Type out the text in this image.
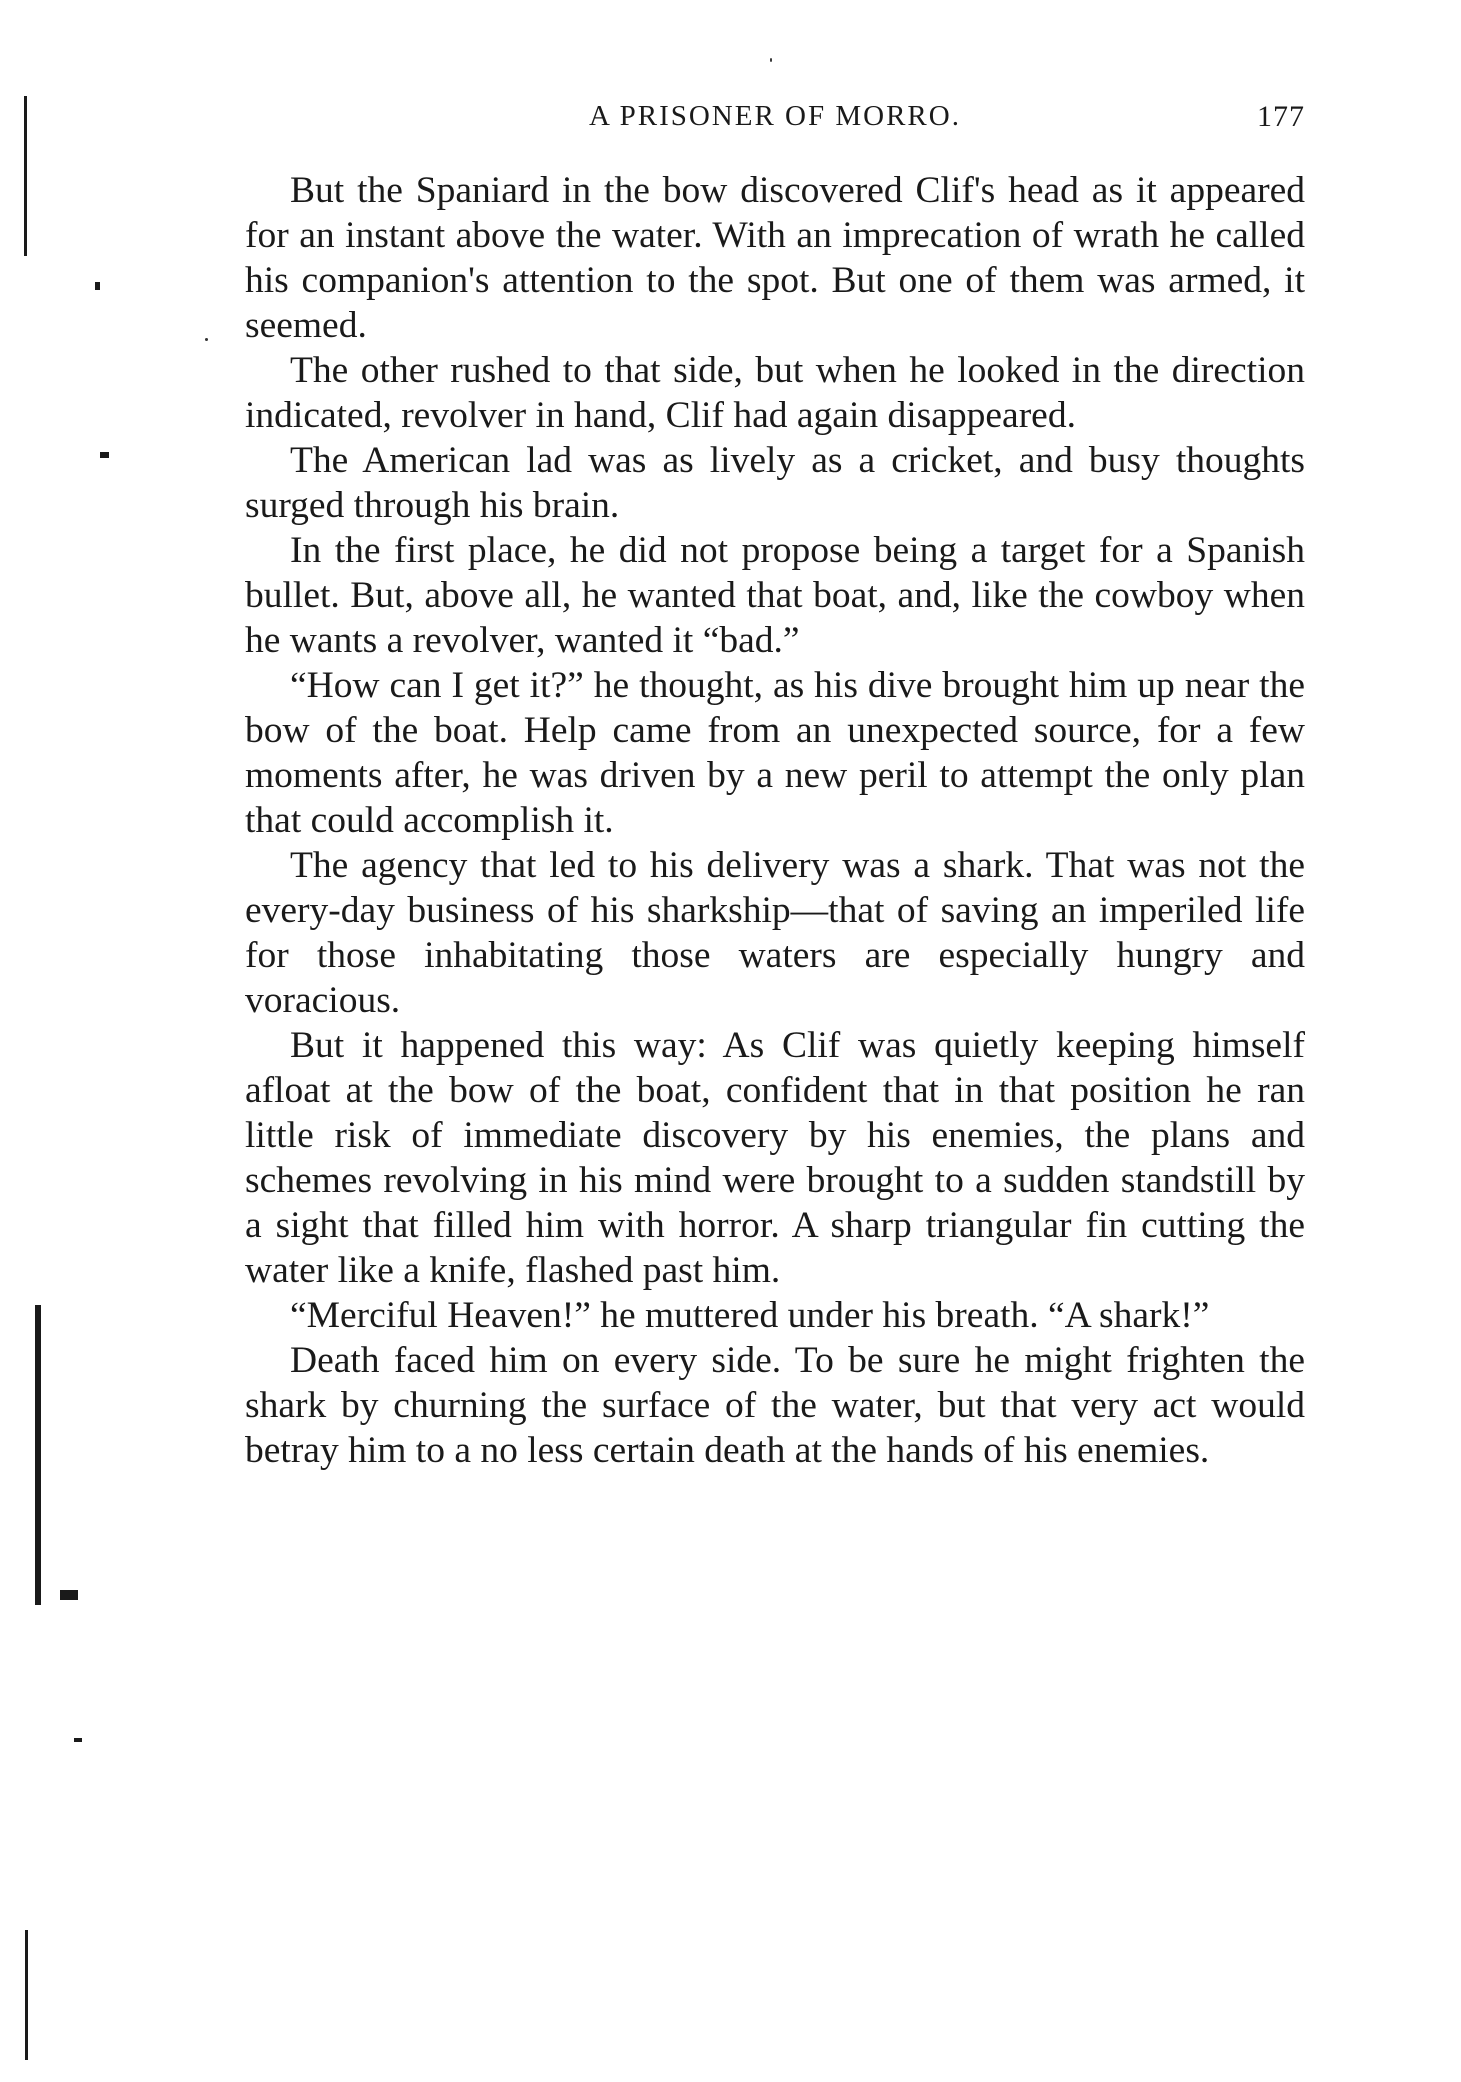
A PRISONER OF MORRO.	177

But the Spaniard in the bow discovered Clif's head as it appeared for an instant above the water. With an imprecation of wrath he called his companion's attention to the spot. But one of them was armed, it seemed.

The other rushed to that side, but when he looked in the direction indicated, revolver in hand, Clif had again disappeared.

The American lad was as lively as a cricket, and busy thoughts surged through his brain.

In the first place, he did not propose being a target for a Spanish bullet. But, above all, he wanted that boat, and, like the cowboy when he wants a revolver, wanted it “bad.”

“How can I get it?” he thought, as his dive brought him up near the bow of the boat. Help came from an unexpected source, for a few moments after, he was driven by a new peril to attempt the only plan that could accomplish it.

The agency that led to his delivery was a shark. That was not the every-day business of his sharkship—that of saving an imperiled life for those inhabitating those waters are especially hungry and voracious.

But it happened this way: As Clif was quietly keeping himself afloat at the bow of the boat, confident that in that position he ran little risk of immediate discovery by his enemies, the plans and schemes revolving in his mind were brought to a sudden standstill by a sight that filled him with horror. A sharp triangular fin cutting the water like a knife, flashed past him.

“Merciful Heaven!” he muttered under his breath. “A shark!”

Death faced him on every side. To be sure he might frighten the shark by churning the surface of the water, but that very act would betray him to a no less certain death at the hands of his enemies.
